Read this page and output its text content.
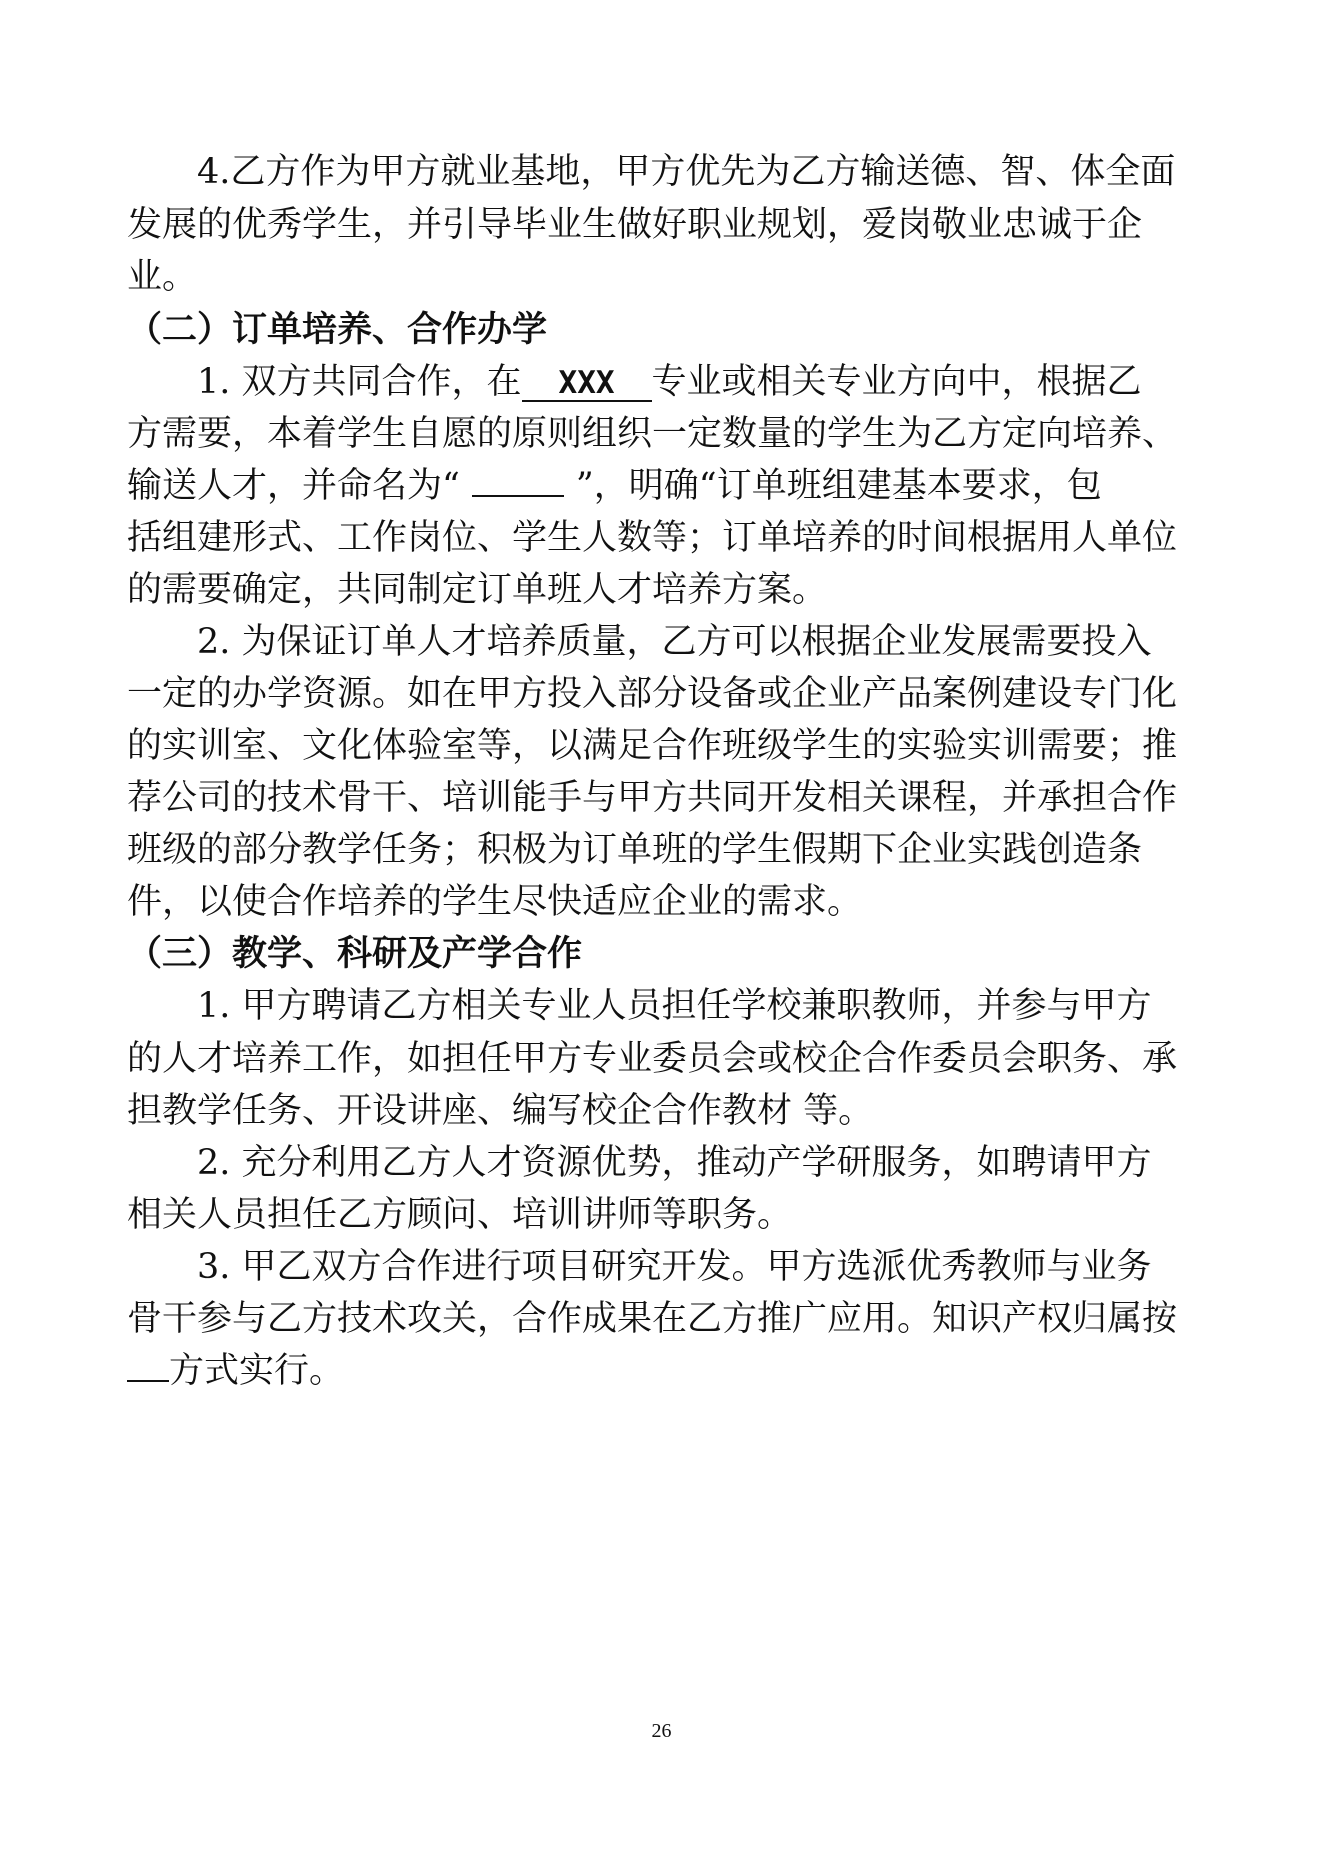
4.乙方作为甲方就业基地，甲方优先为乙方输送德、智、体全面
发展的优秀学生，并引导毕业生做好职业规划，爱岗敬业忠诚于企
业。
（二）订单培养、合作办学
1. 双方共同合作，在 XXX 专业或相关专业方向中，根据乙
方需要，本着学生自愿的原则组织一定数量的学生为乙方定向培养、
输送人才，并命名为“	”，明确“订单班组建基本要求，包
括组建形式、工作岗位、学生人数等；订单培养的时间根据用人单位
的需要确定，共同制定订单班人才培养方案。
2. 为保证订单人才培养质量，乙方可以根据企业发展需要投入
一定的办学资源。如在甲方投入部分设备或企业产品案例建设专门化
的实训室、文化体验室等，以满足合作班级学生的实验实训需要；推
荐公司的技术骨干、培训能手与甲方共同开发相关课程，并承担合作
班级的部分教学任务；积极为订单班的学生假期下企业实践创造条
件，以使合作培养的学生尽快适应企业的需求。
（三）教学、科研及产学合作
1. 甲方聘请乙方相关专业人员担任学校兼职教师，并参与甲方
的人才培养工作，如担任甲方专业委员会或校企合作委员会职务、承
担教学任务、开设讲座、编写校企合作教材 等。
2. 充分利用乙方人才资源优势，推动产学研服务，如聘请甲方
相关人员担任乙方顾问、培训讲师等职务。
3. 甲乙双方合作进行项目研究开发。甲方选派优秀教师与业务
骨干参与乙方技术攻关，合作成果在乙方推广应用。知识产权归属按
方式实行。
26
